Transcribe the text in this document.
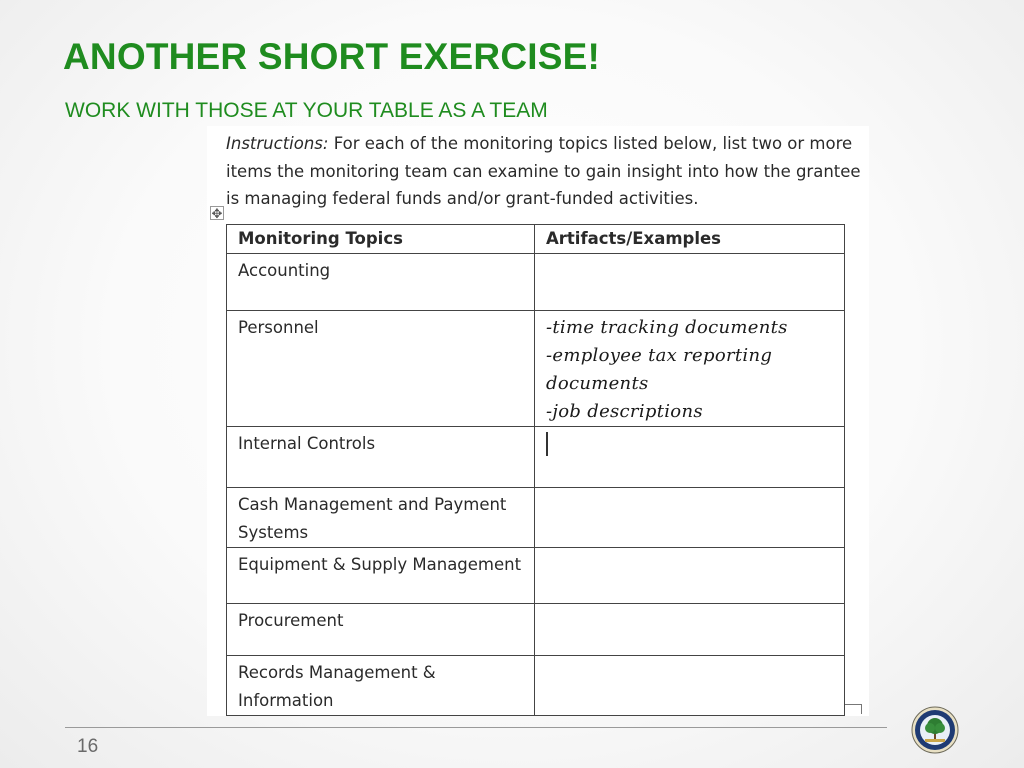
ANOTHER SHORT EXERCISE!
WORK WITH THOSE AT YOUR TABLE AS A TEAM

Instructions: For each of the monitoring topics listed below, list two or more items the monitoring team can examine to gain insight into how the grantee is managing federal funds and/or grant-funded activities.

✥
Monitoring Topics	Artifacts/Examples
Accounting	
Personnel	-time tracking documents
-employee tax reporting
documents
-job descriptions

Internal Controls	
Cash Management and Payment Systems	
Equipment & Supply Management	
Procurement	
Records Management & Information	
16
